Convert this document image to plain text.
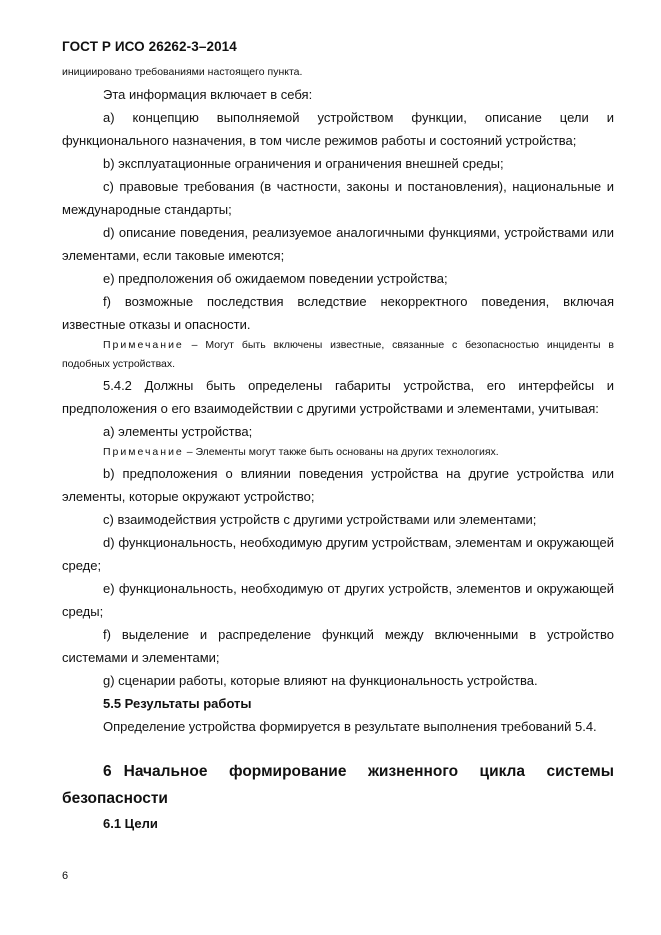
ГОСТ Р ИСО 26262-3–2014

инициировано требованиями настоящего пункта.

Эта информация включает в себя:

a) концепцию выполняемой устройством функции, описание цели и функционального назначения, в том числе режимов работы и состояний устройства;

b) эксплуатационные ограничения и ограничения внешней среды;

c) правовые требования (в частности, законы и постановления), национальные и международные стандарты;

d) описание поведения, реализуемое аналогичными функциями, устройствами или элементами, если таковые имеются;

e) предположения об ожидаемом поведении устройства;

f) возможные последствия вследствие некорректного поведения, включая известные отказы и опасности.

Примечание – Могут быть включены известные, связанные с безопасностью инциденты в подобных устройствах.

5.4.2 Должны быть определены габариты устройства, его интерфейсы и предположения о его взаимодействии с другими устройствами и элементами, учитывая:

a) элементы устройства;

Примечание – Элементы могут также быть основаны на других технологиях.

b) предположения о влиянии поведения устройства на другие устройства или элементы, которые окружают устройство;

c) взаимодействия устройств с другими устройствами или элементами;

d) функциональность, необходимую другим устройствам, элементам и окружающей среде;

e) функциональность, необходимую от других устройств, элементов и окружающей среды;

f) выделение и распределение функций между включенными в устройство системами и элементами;

g) сценарии работы, которые влияют на функциональность устройства.

5.5 Результаты работы

Определение устройства формируется в результате выполнения требований 5.4.

6 Начальное формирование жизненного цикла системы безопасности

6.1 Цели

6
